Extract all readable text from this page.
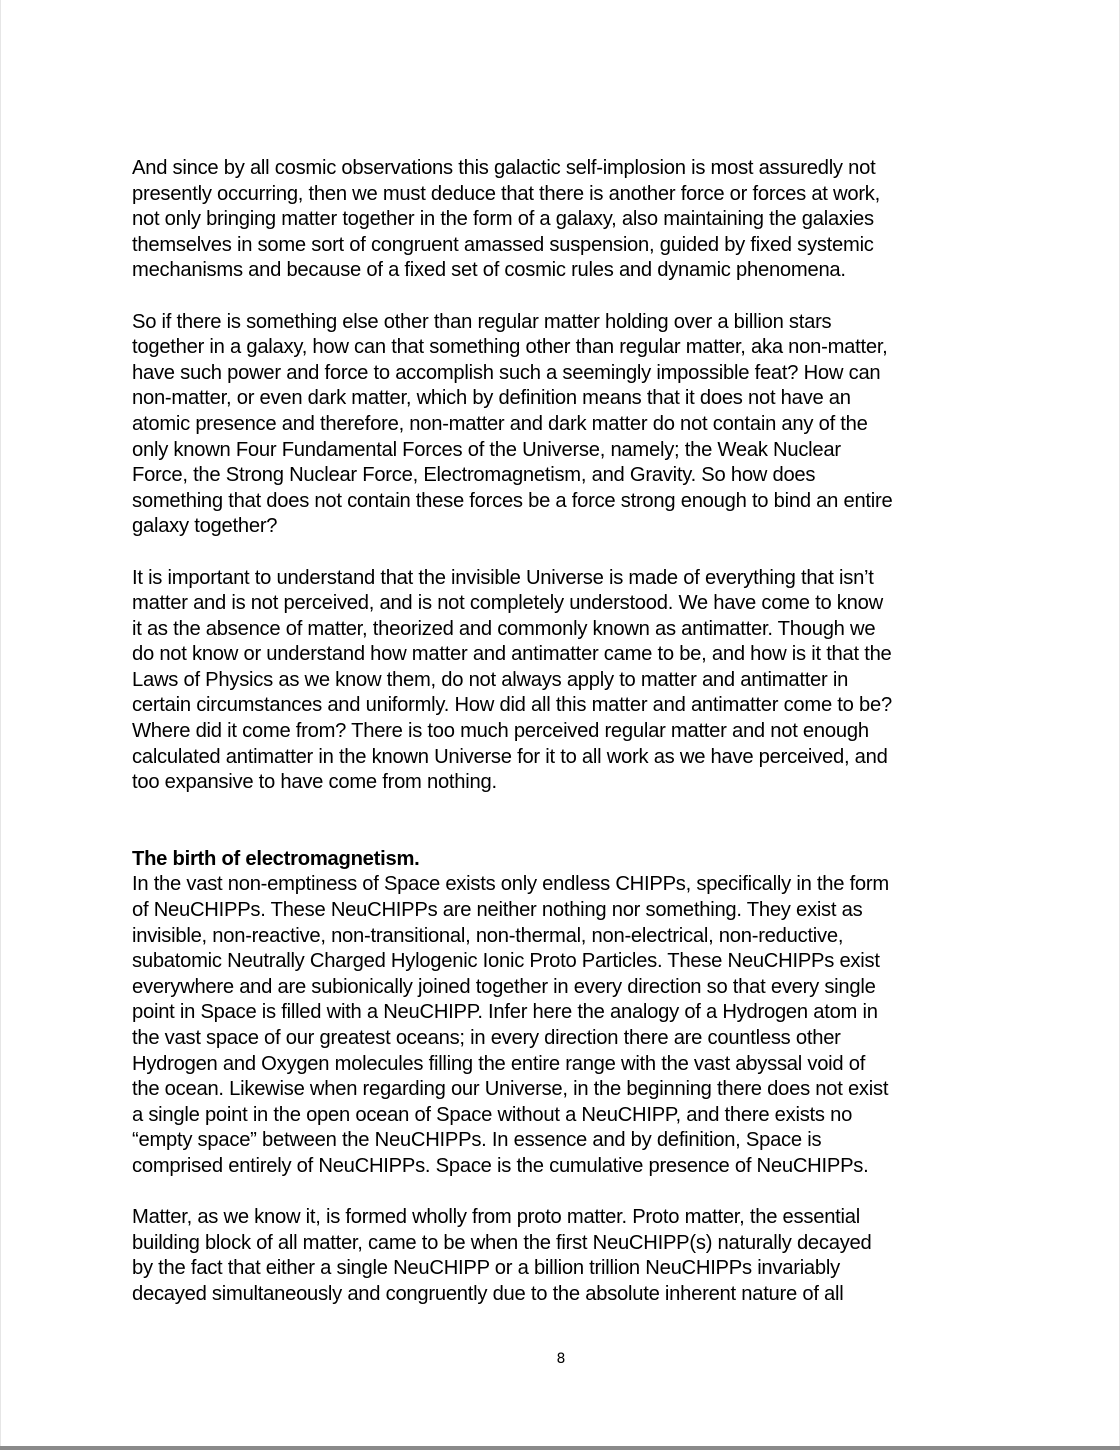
And since by all cosmic observations this galactic self-implosion is most assuredly not
presently occurring, then we must deduce that there is another force or forces at work,
not only bringing matter together in the form of a galaxy, also maintaining the galaxies
themselves in some sort of congruent amassed suspension, guided by fixed systemic
mechanisms and because of a fixed set of cosmic rules and dynamic phenomena.

So if there is something else other than regular matter holding over a billion stars
together in a galaxy, how can that something other than regular matter, aka non-matter,
have such power and force to accomplish such a seemingly impossible feat? How can
non-matter, or even dark matter, which by definition means that it does not have an
atomic presence and therefore, non-matter and dark matter do not contain any of the
only known Four Fundamental Forces of the Universe, namely; the Weak Nuclear
Force, the Strong Nuclear Force, Electromagnetism, and Gravity. So how does
something that does not contain these forces be a force strong enough to bind an entire
galaxy together?

It is important to understand that the invisible Universe is made of everything that isn’t
matter and is not perceived, and is not completely understood. We have come to know
it as the absence of matter, theorized and commonly known as antimatter. Though we
do not know or understand how matter and antimatter came to be, and how is it that the
Laws of Physics as we know them, do not always apply to matter and antimatter in
certain circumstances and uniformly. How did all this matter and antimatter come to be?
Where did it come from? There is too much perceived regular matter and not enough
calculated antimatter in the known Universe for it to all work as we have perceived, and
too expansive to have come from nothing.

The birth of electromagnetism.

In the vast non-emptiness of Space exists only endless CHIPPs, specifically in the form
of NeuCHIPPs. These NeuCHIPPs are neither nothing nor something. They exist as
invisible, non-reactive, non-transitional, non-thermal, non-electrical, non-reductive,
subatomic Neutrally Charged Hylogenic Ionic Proto Particles. These NeuCHIPPs exist
everywhere and are subionically joined together in every direction so that every single
point in Space is filled with a NeuCHIPP. Infer here the analogy of a Hydrogen atom in
the vast space of our greatest oceans; in every direction there are countless other
Hydrogen and Oxygen molecules filling the entire range with the vast abyssal void of
the ocean. Likewise when regarding our Universe, in the beginning there does not exist
a single point in the open ocean of Space without a NeuCHIPP, and there exists no
“empty space” between the NeuCHIPPs. In essence and by definition, Space is
comprised entirely of NeuCHIPPs. Space is the cumulative presence of NeuCHIPPs.

Matter, as we know it, is formed wholly from proto matter. Proto matter, the essential
building block of all matter, came to be when the first NeuCHIPP(s) naturally decayed
by the fact that either a single NeuCHIPP or a billion trillion NeuCHIPPs invariably
decayed simultaneously and congruently due to the absolute inherent nature of all

8
